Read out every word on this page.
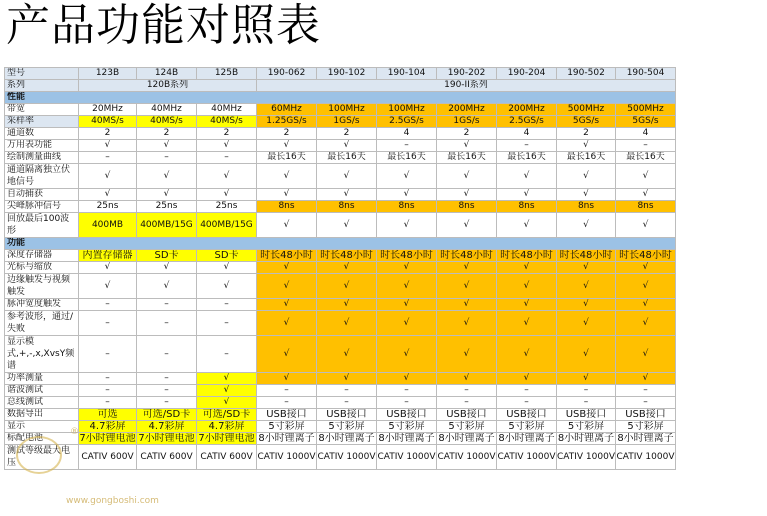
产品功能对照表
型号	123B	124B	125B	190-062	190-102	190-104	190-202	190-204	190-502	190-504
系列	120B系列			190-II系列						
性能										
带宽	20MHz	40MHz	40MHz	60MHz	100MHz	100MHz	200MHz	200MHz	500MHz	500MHz
采样率	40MS/s	40MS/s	40MS/s	1.25GS/s	1GS/s	2.5GS/s	1GS/s	2.5GS/s	5GS/s	5GS/s
通道数	2	2	2	2	2	4	2	4	2	4
万用表功能	√	√	√	√	√	–	√	–	√	–
绘制测量曲线	–	–	–	最长16天	最长16天	最长16天	最长16天	最长16天	最长16天	最长16天
通道隔离独立伏地信号	√	√	√	√	√	√	√	√	√	√
自动捕获	√	√	√	√	√	√	√	√	√	√
尖峰脉冲信号	25ns	25ns	25ns	8ns	8ns	8ns	8ns	8ns	8ns	8ns
回放最后100波形	400MB	400MB/15G	400MB/15G	√	√	√	√	√	√	√
功能										
深度存储器	内置存储器	SD卡	SD卡	时长48小时	时长48小时	时长48小时	时长48小时	时长48小时	时长48小时	时长48小时
光标与缩放	√	√	√	√	√	√	√	√	√	√
边缘触发与视频触发	√	√	√	√	√	√	√	√	√	√
脉冲宽度触发	–	–	–	√	√	√	√	√	√	√
参考波形，通过/失败	–	–	–	√	√	√	√	√	√	√
显示模式,+,-,x,XvsY频谱	–	–	–	√	√	√	√	√	√	√
功率测量	–	–	√	√	√	√	√	√	√	√
谐波测试	–	–	√	–	–	–	–	–	–	–
总线测试	–	–	√	–	–	–	–	–	–	–
数据导出	可选	可选/SD卡	可选/SD卡	USB接口	USB接口	USB接口	USB接口	USB接口	USB接口	USB接口
显示	4.7彩屏	4.7彩屏	4.7彩屏	5寸彩屏	5寸彩屏	5寸彩屏	5寸彩屏	5寸彩屏	5寸彩屏	5寸彩屏
标配电池	7小时锂电池	7小时锂电池	7小时锂电池	8小时锂离子	8小时锂离子	8小时锂离子	8小时锂离子	8小时锂离子	8小时锂离子	8小时锂离子
测试等级最大电压	CATIV 600V	CATIV 600V	CATIV 600V	CATIV 1000V	CATIV 1000V	CATIV 1000V	CATIV 1000V	CATIV 1000V	CATIV 1000V	CATIV 1000V
®
www.gongboshi.com
